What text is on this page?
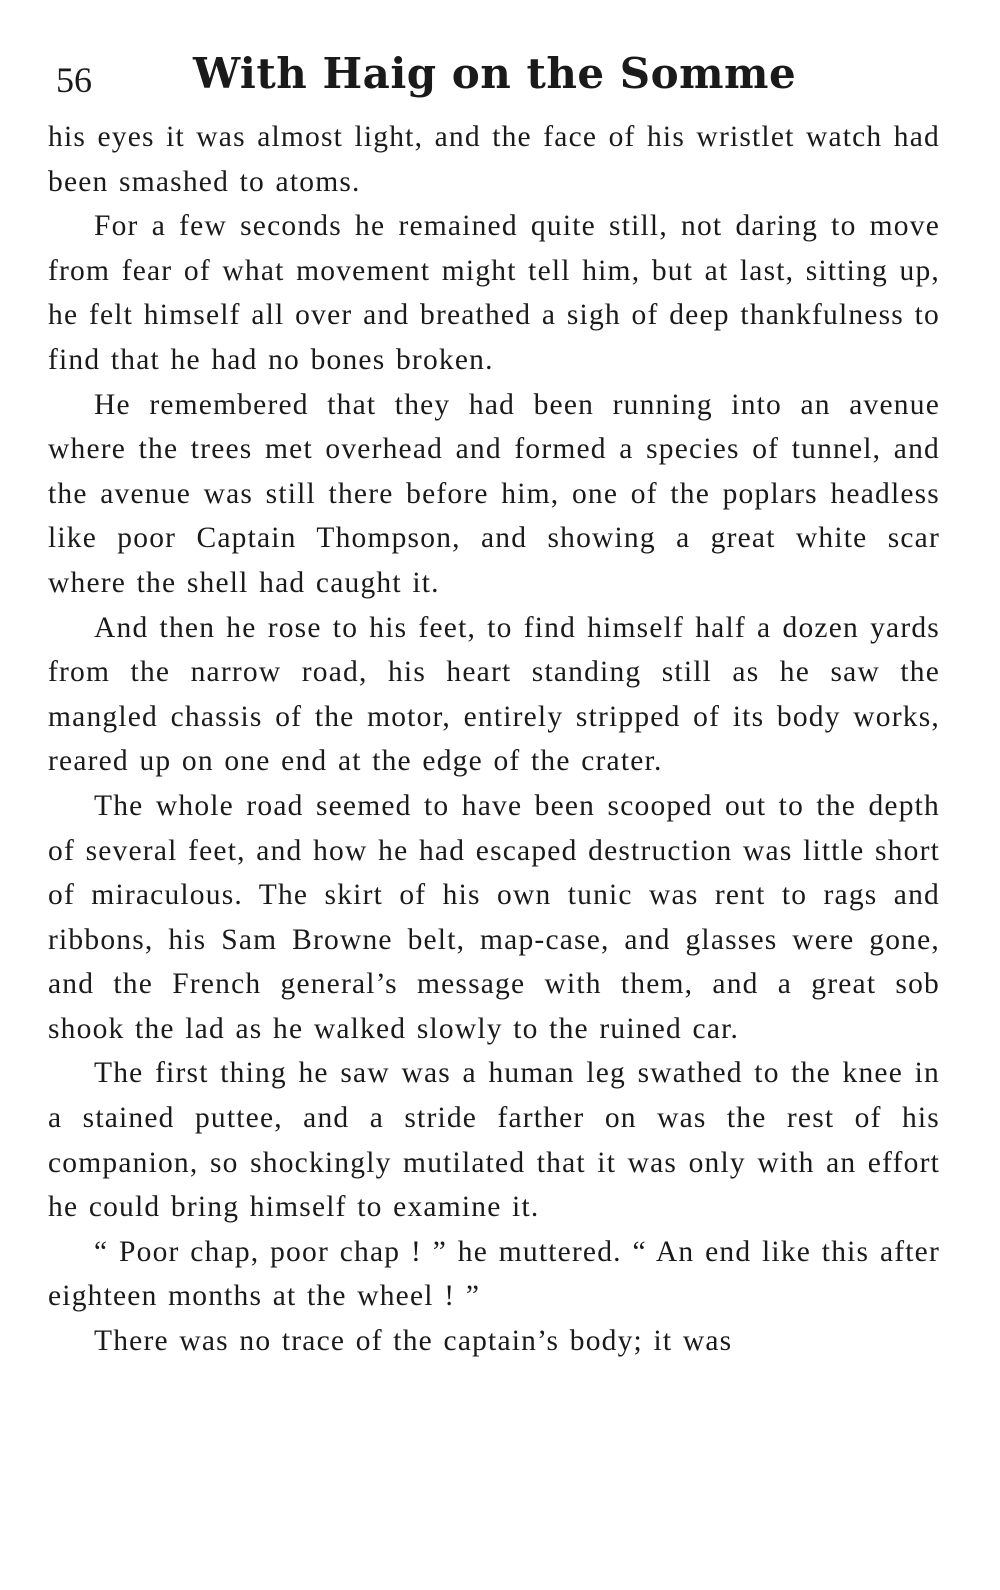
56 With Haig on the Somme

his eyes it was almost light, and the face of his wristlet watch had been smashed to atoms.

For a few seconds he remained quite still, not daring to move from fear of what movement might tell him, but at last, sitting up, he felt himself all over and breathed a sigh of deep thankfulness to find that he had no bones broken.

He remembered that they had been running into an avenue where the trees met overhead and formed a species of tunnel, and the avenue was still there before him, one of the poplars headless like poor Captain Thompson, and showing a great white scar where the shell had caught it.

And then he rose to his feet, to find himself half a dozen yards from the narrow road, his heart standing still as he saw the mangled chassis of the motor, entirely stripped of its body works, reared up on one end at the edge of the crater.

The whole road seemed to have been scooped out to the depth of several feet, and how he had escaped destruction was little short of miraculous. The skirt of his own tunic was rent to rags and ribbons, his Sam Browne belt, map-case, and glasses were gone, and the French general’s message with them, and a great sob shook the lad as he walked slowly to the ruined car.

The first thing he saw was a human leg swathed to the knee in a stained puttee, and a stride farther on was the rest of his companion, so shockingly mutilated that it was only with an effort he could bring himself to examine it.

“ Poor chap, poor chap ! ” he muttered. “ An end like this after eighteen months at the wheel ! ”

There was no trace of the captain’s body; it was
